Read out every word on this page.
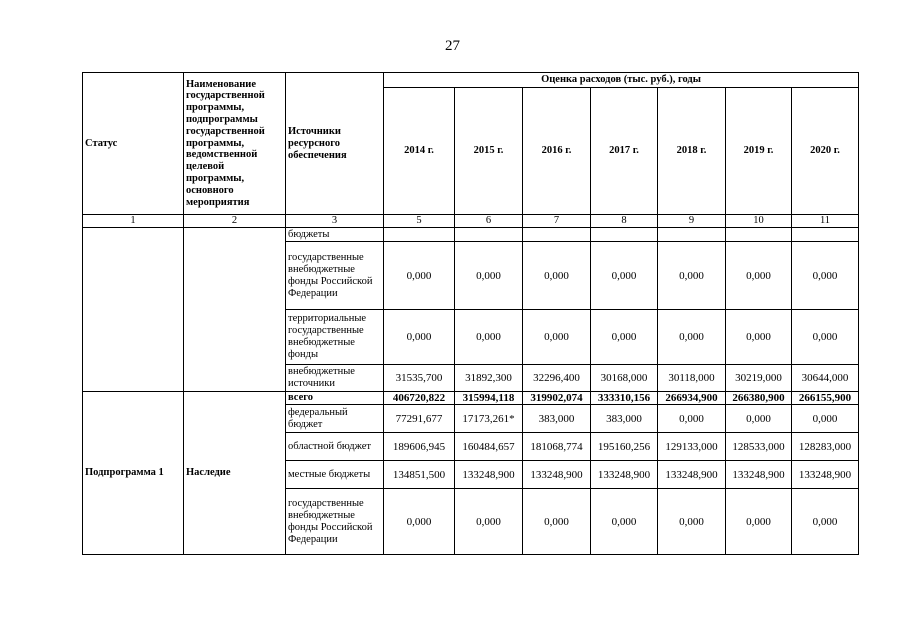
27
Статус	Наименование государственной программы, подпрограммы государственной программы, ведомственной целевой программы, основного мероприятия	Источники ресурсного обеспечения	Оценка расходов (тыс. руб.), годы						
			2014 г.	2015 г.	2016 г.	2017 г.	2018 г.	2019 г.	2020 г.
1	2	3	5	6	7	8	9	10	11
		бюджеты							
		государственные внебюджетные фонды Российской Федерации	0,000	0,000	0,000	0,000	0,000	0,000	0,000
		территориальные государственные внебюджетные фонды	0,000	0,000	0,000	0,000	0,000	0,000	0,000
		внебюджетные источники	31535,700	31892,300	32296,400	30168,000	30118,000	30219,000	30644,000
Подпрограмма 1	Наследие	всего	406720,822	315994,118	319902,074	333310,156	266934,900	266380,900	266155,900
		федеральный бюджет	77291,677	17173,261*	383,000	383,000	0,000	0,000	0,000
		областной бюджет	189606,945	160484,657	181068,774	195160,256	129133,000	128533,000	128283,000
		местные бюджеты	134851,500	133248,900	133248,900	133248,900	133248,900	133248,900	133248,900
		государственные внебюджетные фонды Российской Федерации	0,000	0,000	0,000	0,000	0,000	0,000	0,000
